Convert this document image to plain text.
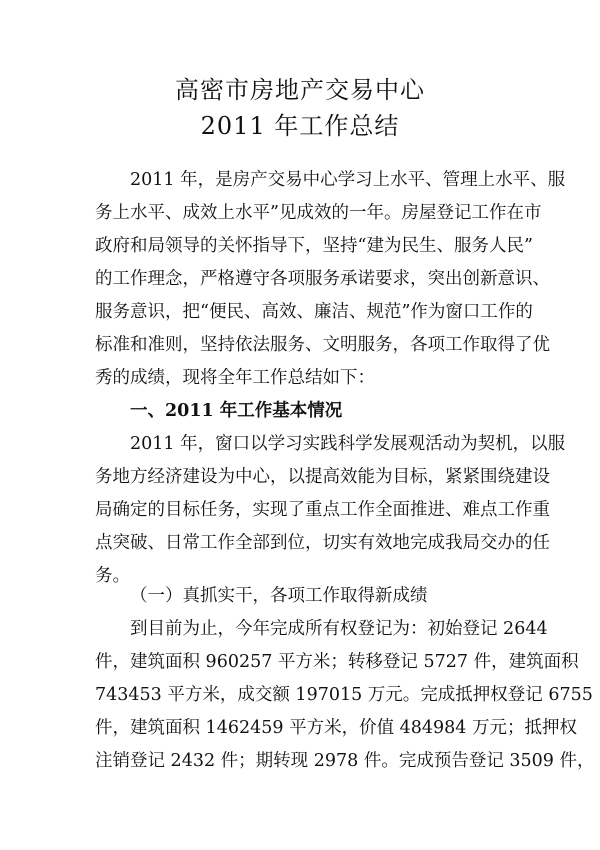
高密市房地产交易中心
2011 年工作总结
2011 年，是房产交易中心学习上水平、管理上水平、服
务上水平、成效上水平”见成效的一年。房屋登记工作在市
政府和局领导的关怀指导下，坚持“建为民生、服务人民”
的工作理念，严格遵守各项服务承诺要求，突出创新意识、
服务意识，把“便民、高效、廉洁、规范”作为窗口工作的
标准和准则，坚持依法服务、文明服务，各项工作取得了优
秀的成绩，现将全年工作总结如下：
一、2011 年工作基本情况
2011 年，窗口以学习实践科学发展观活动为契机，以服
务地方经济建设为中心，以提高效能为目标，紧紧围绕建设
局确定的目标任务，实现了重点工作全面推进、难点工作重
点突破、日常工作全部到位，切实有效地完成我局交办的任
务。
（一）真抓实干，各项工作取得新成绩
到目前为止，今年完成所有权登记为：初始登记 2644
件，建筑面积 960257 平方米；转移登记 5727 件，建筑面积
743453 平方米，成交额 197015 万元。完成抵押权登记 6755
件，建筑面积 1462459 平方米，价值 484984 万元；抵押权
注销登记 2432 件；期转现 2978 件。完成预告登记 3509 件，
